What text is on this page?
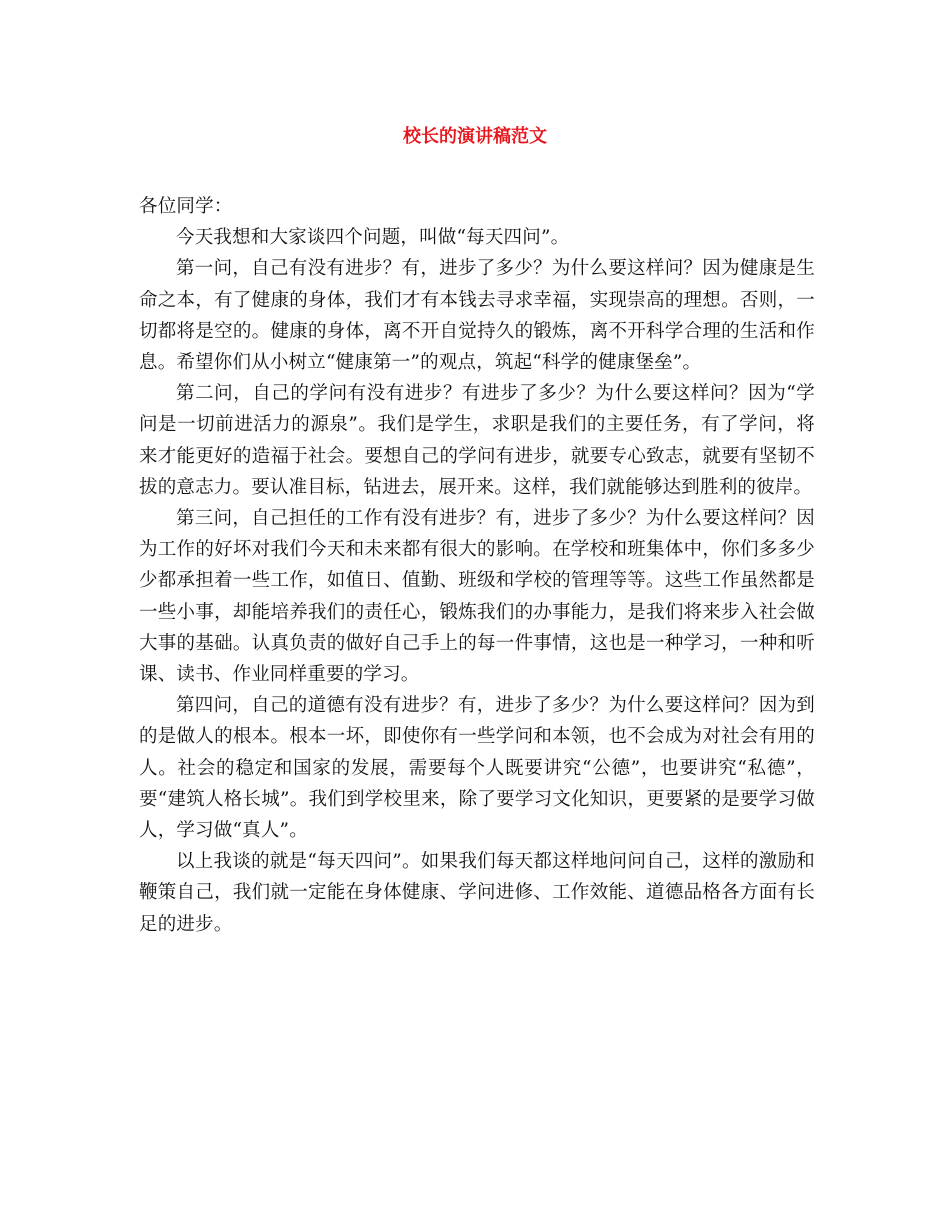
校长的演讲稿范文

各位同学：

今天我想和大家谈四个问题，叫做“每天四问”。

第一问，自己有没有进步？有，进步了多少？为什么要这样问？因为健康是生命之本，有了健康的身体，我们才有本钱去寻求幸福，实现崇高的理想。否则，一切都将是空的。健康的身体，离不开自觉持久的锻炼，离不开科学合理的生活和作息。希望你们从小树立“健康第一”的观点，筑起“科学的健康堡垒”。

第二问，自己的学问有没有进步？有进步了多少？为什么要这样问？因为“学问是一切前进活力的源泉”。我们是学生，求职是我们的主要任务，有了学问，将来才能更好的造福于社会。要想自己的学问有进步，就要专心致志，就要有坚韧不拔的意志力。要认准目标，钻进去，展开来。这样，我们就能够达到胜利的彼岸。

第三问，自己担任的工作有没有进步？有，进步了多少？为什么要这样问？因为工作的好坏对我们今天和未来都有很大的影响。在学校和班集体中，你们多多少少都承担着一些工作，如值日、值勤、班级和学校的管理等等。这些工作虽然都是一些小事，却能培养我们的责任心，锻炼我们的办事能力，是我们将来步入社会做大事的基础。认真负责的做好自己手上的每一件事情，这也是一种学习，一种和听课、读书、作业同样重要的学习。

第四问，自己的道德有没有进步？有，进步了多少？为什么要这样问？因为到的是做人的根本。根本一坏，即使你有一些学问和本领，也不会成为对社会有用的人。社会的稳定和国家的发展，需要每个人既要讲究“公德”，也要讲究“私德”，要“建筑人格长城”。我们到学校里来，除了要学习文化知识，更要紧的是要学习做人，学习做“真人”。

以上我谈的就是“每天四问”。如果我们每天都这样地问问自己，这样的激励和鞭策自己，我们就一定能在身体健康、学问进修、工作效能、道德品格各方面有长足的进步。
